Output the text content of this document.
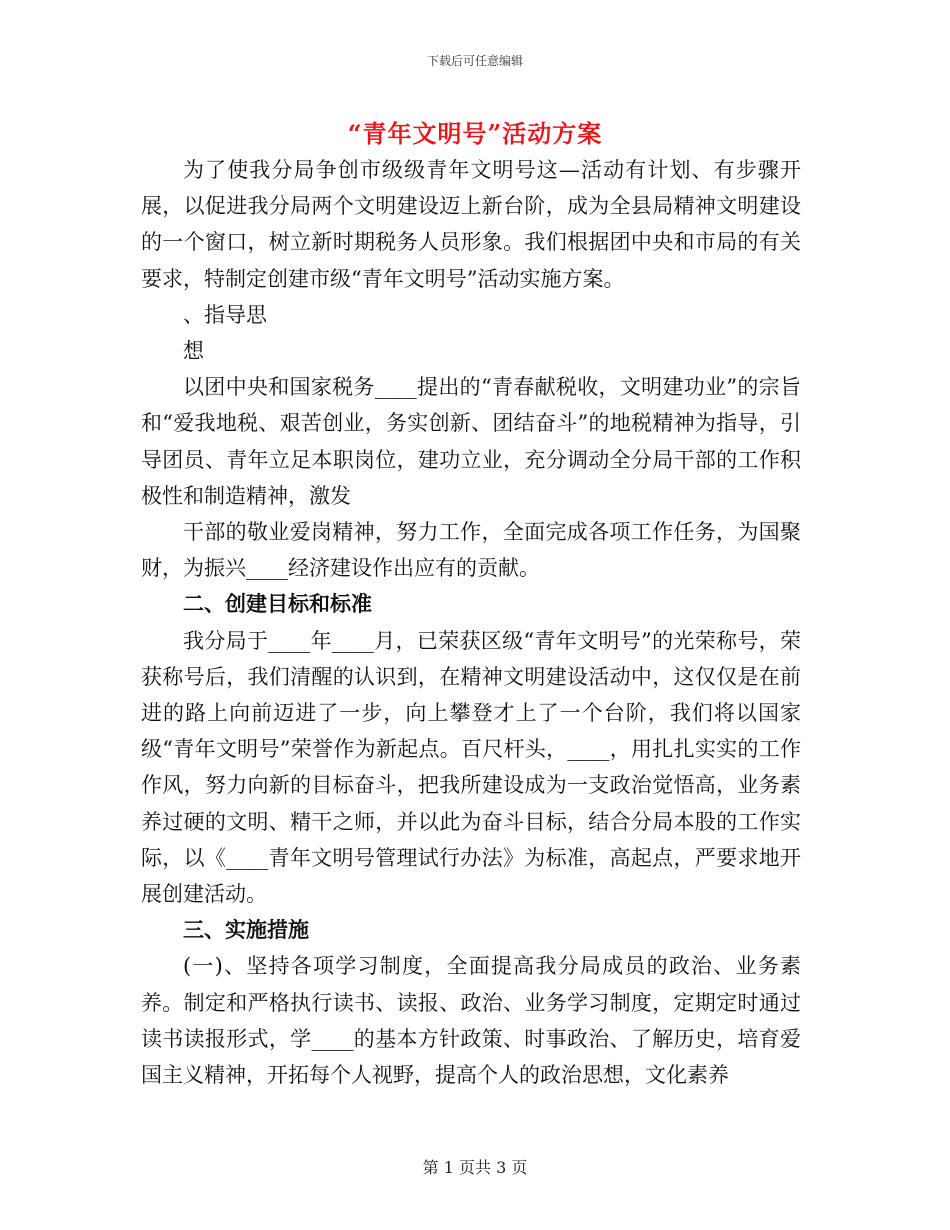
下载后可任意编辑
“青年文明号”活动方案

为了使我分局争创市级级青年文明号这—活动有计划、有步骤开展，以促进我分局两个文明建设迈上新台阶，成为全县局精神文明建设的一个窗口，树立新时期税务人员形象。我们根据团中央和市局的有关要求，特制定创建市级“青年文明号”活动实施方案。

、指导思

想

以团中央和国家税务____提出的“青春献税收，文明建功业”的宗旨和“爱我地税、艰苦创业，务实创新、团结奋斗”的地税精神为指导，引导团员、青年立足本职岗位，建功立业，充分调动全分局干部的工作积极性和制造精神，激发

干部的敬业爱岗精神，努力工作，全面完成各项工作任务，为国聚财，为振兴____经济建设作出应有的贡献。

二、创建目标和标准

我分局于____年____月，已荣获区级“青年文明号”的光荣称号，荣获称号后，我们清醒的认识到，在精神文明建设活动中，这仅仅是在前进的路上向前迈进了一步，向上攀登才上了一个台阶，我们将以国家级“青年文明号”荣誉作为新起点。百尺杆头，____，用扎扎实实的工作作风，努力向新的目标奋斗，把我所建设成为一支政治觉悟高，业务素养过硬的文明、精干之师，并以此为奋斗目标，结合分局本股的工作实际，以《____青年文明号管理试行办法》为标准，高起点，严要求地开展创建活动。

三、实施措施

(一)、坚持各项学习制度，全面提高我分局成员的政治、业务素养。制定和严格执行读书、读报、政治、业务学习制度，定期定时通过读书读报形式，学____的基本方针政策、时事政治、了解历史，培育爱国主义精神，开拓每个人视野，提高个人的政治思想，文化素养

第 1 页共 3 页
